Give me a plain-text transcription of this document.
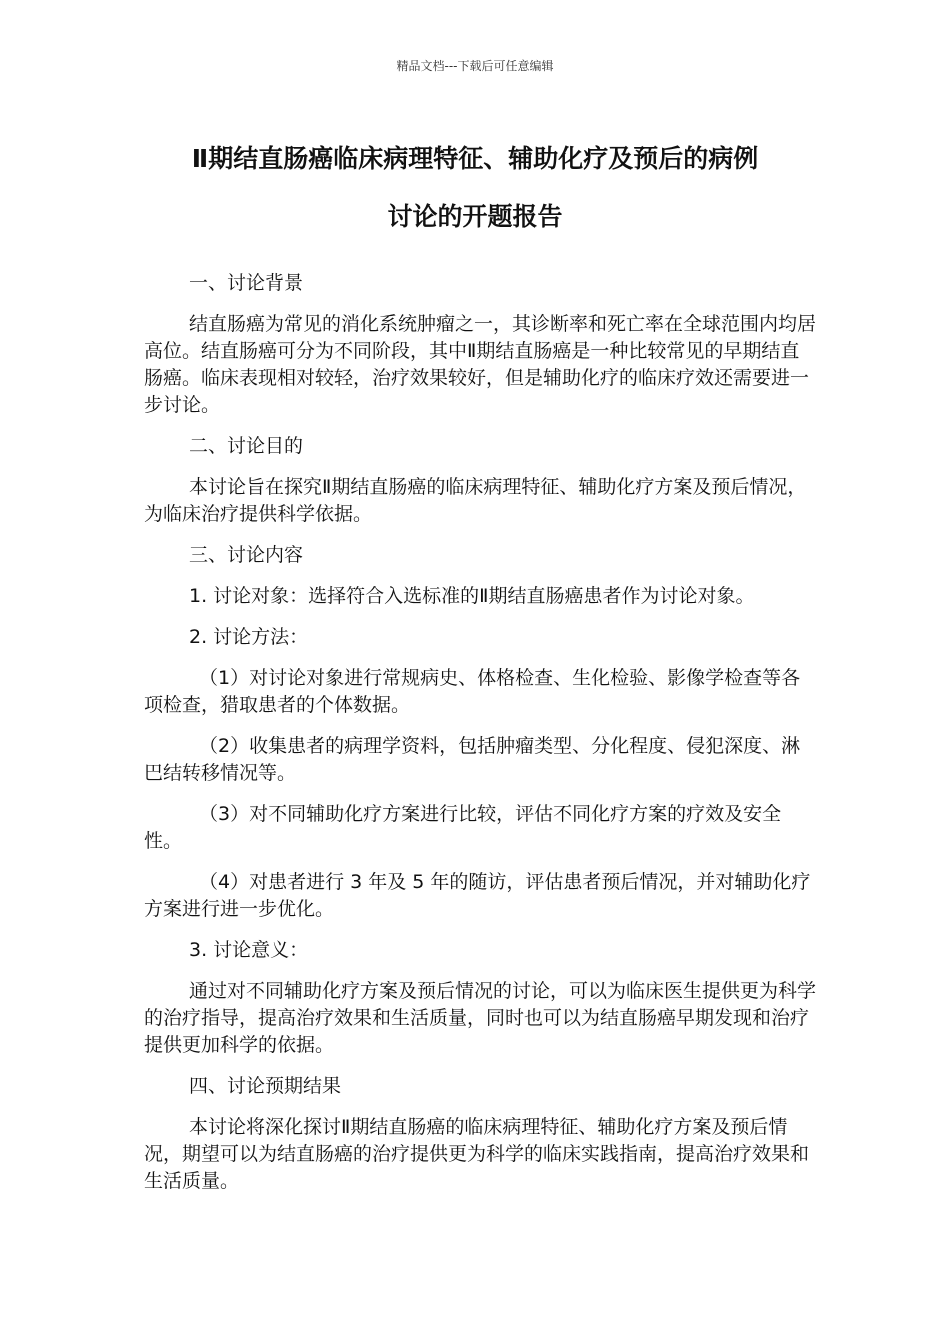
精品文档---下载后可任意编辑
Ⅱ期结直肠癌临床病理特征、辅助化疗及预后的病例
讨论的开题报告

一、讨论背景

结直肠癌为常见的消化系统肿瘤之一，其诊断率和死亡率在全球范围内均居高位。结直肠癌可分为不同阶段，其中Ⅱ期结直肠癌是一种比较常见的早期结直肠癌。临床表现相对较轻，治疗效果较好，但是辅助化疗的临床疗效还需要进一步讨论。

二、讨论目的

本讨论旨在探究Ⅱ期结直肠癌的临床病理特征、辅助化疗方案及预后情况，为临床治疗提供科学依据。

三、讨论内容

1. 讨论对象：选择符合入选标准的Ⅱ期结直肠癌患者作为讨论对象。

2. 讨论方法：

（1）对讨论对象进行常规病史、体格检查、生化检验、影像学检查等各项检查，猎取患者的个体数据。

（2）收集患者的病理学资料，包括肿瘤类型、分化程度、侵犯深度、淋巴结转移情况等。

（3）对不同辅助化疗方案进行比较，评估不同化疗方案的疗效及安全性。

（4）对患者进行 3 年及 5 年的随访，评估患者预后情况，并对辅助化疗方案进行进一步优化。

3. 讨论意义：

通过对不同辅助化疗方案及预后情况的讨论，可以为临床医生提供更为科学的治疗指导，提高治疗效果和生活质量，同时也可以为结直肠癌早期发现和治疗提供更加科学的依据。

四、讨论预期结果

本讨论将深化探讨Ⅱ期结直肠癌的临床病理特征、辅助化疗方案及预后情况，期望可以为结直肠癌的治疗提供更为科学的临床实践指南，提高治疗效果和生活质量。
